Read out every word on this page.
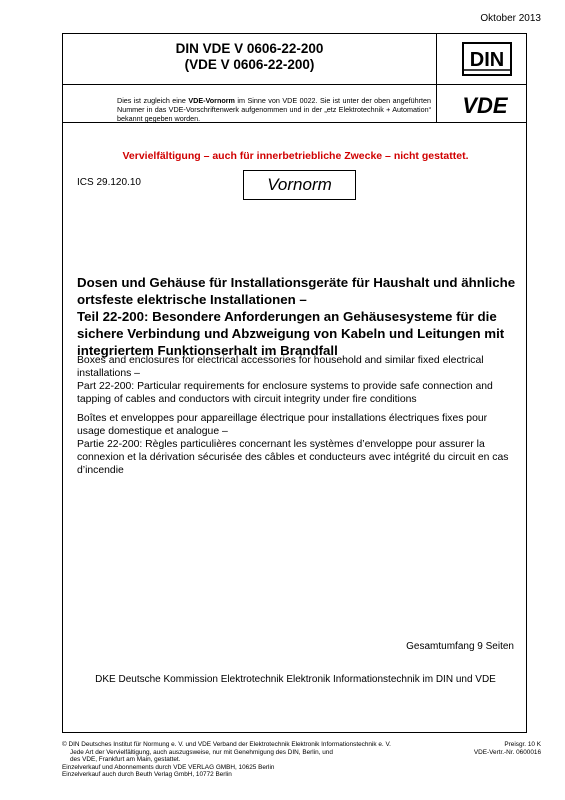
Oktober 2013
DIN VDE V 0606-22-200
(VDE V 0606-22-200)	DIN
Dies ist zugleich eine VDE-Vornorm im Sinne von VDE 0022. Sie ist unter der oben angeführten Nummer in das VDE-Vorschriftenwerk aufgenommen und in der „etz Elektrotechnik + Automation“ bekannt gegeben worden.
VDE
Vervielfältigung – auch für innerbetriebliche Zwecke – nicht gestattet.
ICS 29.120.10	Vornorm
Dosen und Gehäuse für Installationsgeräte für Haushalt und ähnliche
ortsfeste elektrische Installationen –
Teil 22-200: Besondere Anforderungen an Gehäusesysteme für die
sichere Verbindung und Abzweigung von Kabeln und Leitungen mit
integriertem Funktionserhalt im Brandfall
Boxes and enclosures for electrical accessories for household and similar fixed electrical
installations –
Part 22-200: Particular requirements for enclosure systems to provide safe connection and
tapping of cables and conductors with circuit integrity under fire conditions
Boîtes et enveloppes pour appareillage électrique pour installations électriques fixes pour
usage domestique et analogue –
Partie 22-200: Règles particulières concernant les systèmes d’enveloppe pour assurer la
connexion et la dérivation sécurisée des câbles et conducteurs avec intégrité du circuit en cas
d’incendie
Gesamtumfang 9 Seiten
DKE Deutsche Kommission Elektrotechnik Elektronik Informationstechnik im DIN und VDE
© DIN Deutsches Institut für Normung e. V. und VDE Verband der Elektrotechnik Elektronik Informationstechnik e. V.
Jede Art der Vervielfältigung, auch auszugsweise, nur mit Genehmigung des DIN, Berlin, und
des VDE, Frankfurt am Main, gestattet.
Einzelverkauf und Abonnements durch VDE VERLAG GMBH, 10625 Berlin
Einzelverkauf auch durch Beuth Verlag GmbH, 10772 Berlin
Preisgr. 10 K
VDE-Vertr.-Nr. 0600016
